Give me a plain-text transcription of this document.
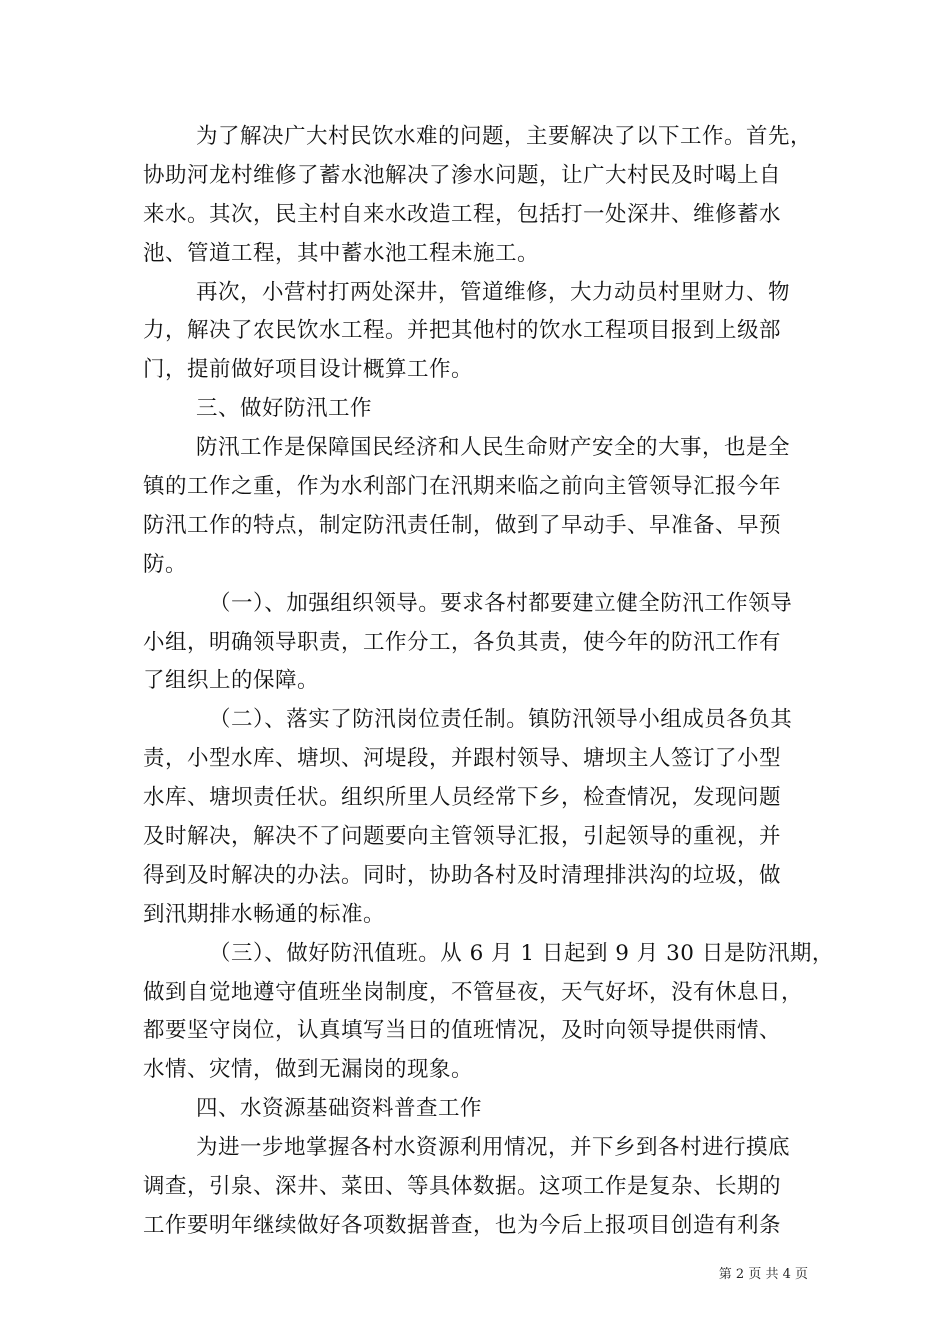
为了解决广大村民饮水难的问题，主要解决了以下工作。首先，
协助河龙村维修了蓄水池解决了渗水问题，让广大村民及时喝上自
来水。其次，民主村自来水改造工程，包括打一处深井、维修蓄水
池、管道工程，其中蓄水池工程未施工。
再次，小营村打两处深井，管道维修，大力动员村里财力、物
力，解决了农民饮水工程。并把其他村的饮水工程项目报到上级部
门，提前做好项目设计概算工作。
三、做好防汛工作
防汛工作是保障国民经济和人民生命财产安全的大事，也是全
镇的工作之重，作为水利部门在汛期来临之前向主管领导汇报今年
防汛工作的特点，制定防汛责任制，做到了早动手、早准备、早预
防。
（一）、加强组织领导。要求各村都要建立健全防汛工作领导
小组，明确领导职责，工作分工，各负其责，使今年的防汛工作有
了组织上的保障。
（二）、落实了防汛岗位责任制。镇防汛领导小组成员各负其
责，小型水库、塘坝、河堤段，并跟村领导、塘坝主人签订了小型
水库、塘坝责任状。组织所里人员经常下乡，检查情况，发现问题
及时解决，解决不了问题要向主管领导汇报，引起领导的重视，并
得到及时解决的办法。同时，协助各村及时清理排洪沟的垃圾，做
到汛期排水畅通的标准。
（三）、做好防汛值班。从 6 月 1 日起到 9 月 30 日是防汛期，
做到自觉地遵守值班坐岗制度，不管昼夜，天气好坏，没有休息日，
都要坚守岗位，认真填写当日的值班情况，及时向领导提供雨情、
水情、灾情，做到无漏岗的现象。
四、水资源基础资料普查工作
为进一步地掌握各村水资源利用情况，并下乡到各村进行摸底
调查，引泉、深井、菜田、等具体数据。这项工作是复杂、长期的
工作要明年继续做好各项数据普查，也为今后上报项目创造有利条
第 2 页 共 4 页
